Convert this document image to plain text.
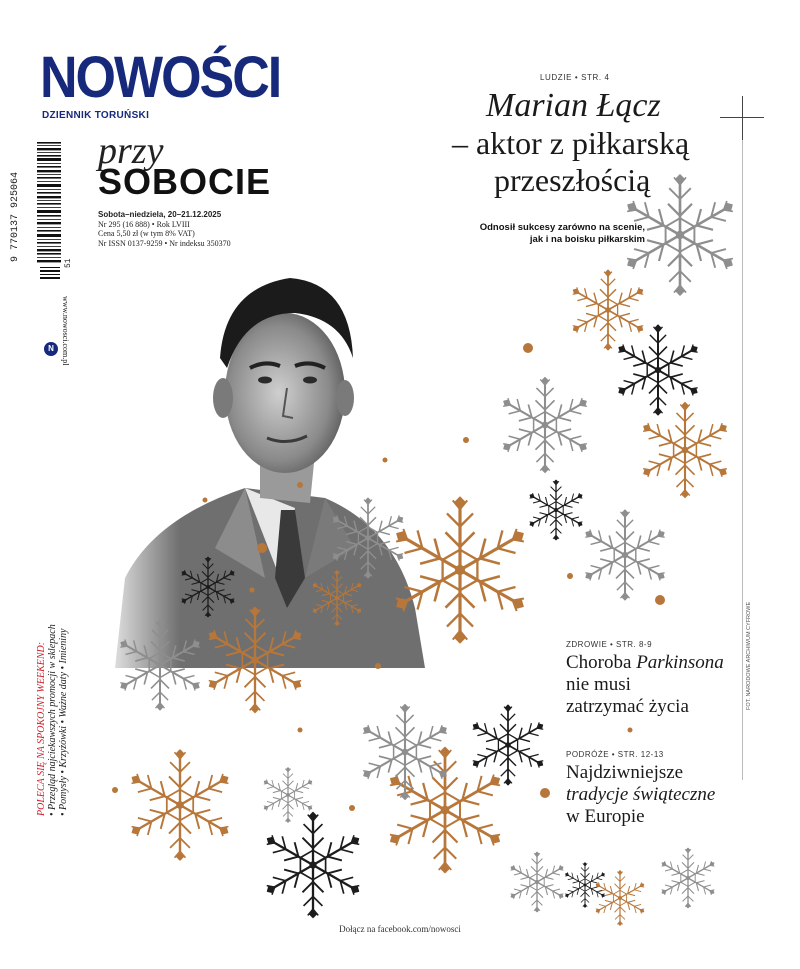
NOWOŚCI
DZIENNIK TORUŃSKI
9 770137 925064
51
przy
SOBOCIE
Sobota–niedziela, 20–21.12.2025
Nr 295 (16 888) • Rok LVIII
Cena 5,50 zł (w tym 8% VAT)
Nr ISSN 0137-9259 • Nr indeksu 350370
N www.nowosci.com.pl
LUDZIE • STR. 4
Marian Łącz
– aktor z piłkarską
przeszłością
Odnosił sukcesy zarówno na scenie,
jak i na boisku piłkarskim
FOT. NARODOWE ARCHIWUM CYFROWE
ZDROWIE • STR. 8-9
Choroba Parkinsona
nie musi
zatrzymać życia
PODRÓŻE • STR. 12-13
Najdziwniejsze
tradycje świąteczne
w Europie
POLECA SIĘ NA SPOKOJNY WEEKEND: • Przegląd najciekawszych promocji w sklepach • Pomysły • Krzyżówki • Ważne daty • Imieniny
Dołącz na facebook.com/nowosci
